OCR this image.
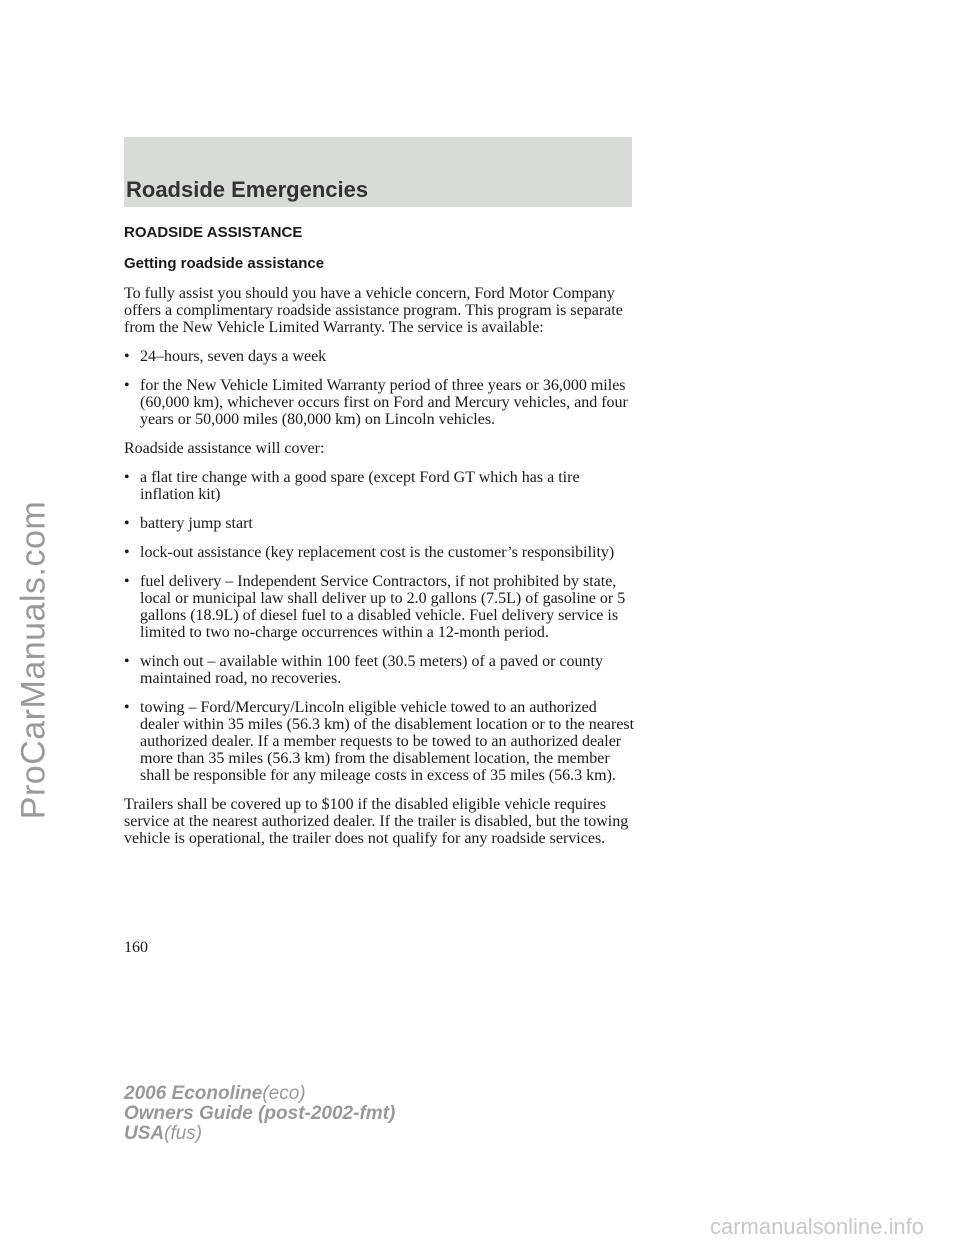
ProCarManuals.com
Roadside Emergencies
ROADSIDE ASSISTANCE
Getting roadside assistance

To fully assist you should you have a vehicle concern, Ford Motor Company offers a complimentary roadside assistance program. This program is separate from the New Vehicle Limited Warranty. The service is available:

• 24–hours, seven days a week
• for the New Vehicle Limited Warranty period of three years or 36,000 miles (60,000 km), whichever occurs first on Ford and Mercury vehicles, and four years or 50,000 miles (80,000 km) on Lincoln vehicles.

Roadside assistance will cover:

• a flat tire change with a good spare (except Ford GT which has a tire inflation kit)
• battery jump start
• lock-out assistance (key replacement cost is the customer’s responsibility)
• fuel delivery – Independent Service Contractors, if not prohibited by state, local or municipal law shall deliver up to 2.0 gallons (7.5L) of gasoline or 5 gallons (18.9L) of diesel fuel to a disabled vehicle. Fuel delivery service is limited to two no-charge occurrences within a 12-month period.
• winch out – available within 100 feet (30.5 meters) of a paved or county maintained road, no recoveries.
• towing – Ford/Mercury/Lincoln eligible vehicle towed to an authorized dealer within 35 miles (56.3 km) of the disablement location or to the nearest authorized dealer. If a member requests to be towed to an authorized dealer more than 35 miles (56.3 km) from the disablement location, the member shall be responsible for any mileage costs in excess of 35 miles (56.3 km).

Trailers shall be covered up to $100 if the disabled eligible vehicle requires service at the nearest authorized dealer. If the trailer is disabled, but the towing vehicle is operational, the trailer does not qualify for any roadside services.

160
2006 Econoline(eco)
Owners Guide (post-2002-fmt)
USA(fus)
carmanualsonline.info
